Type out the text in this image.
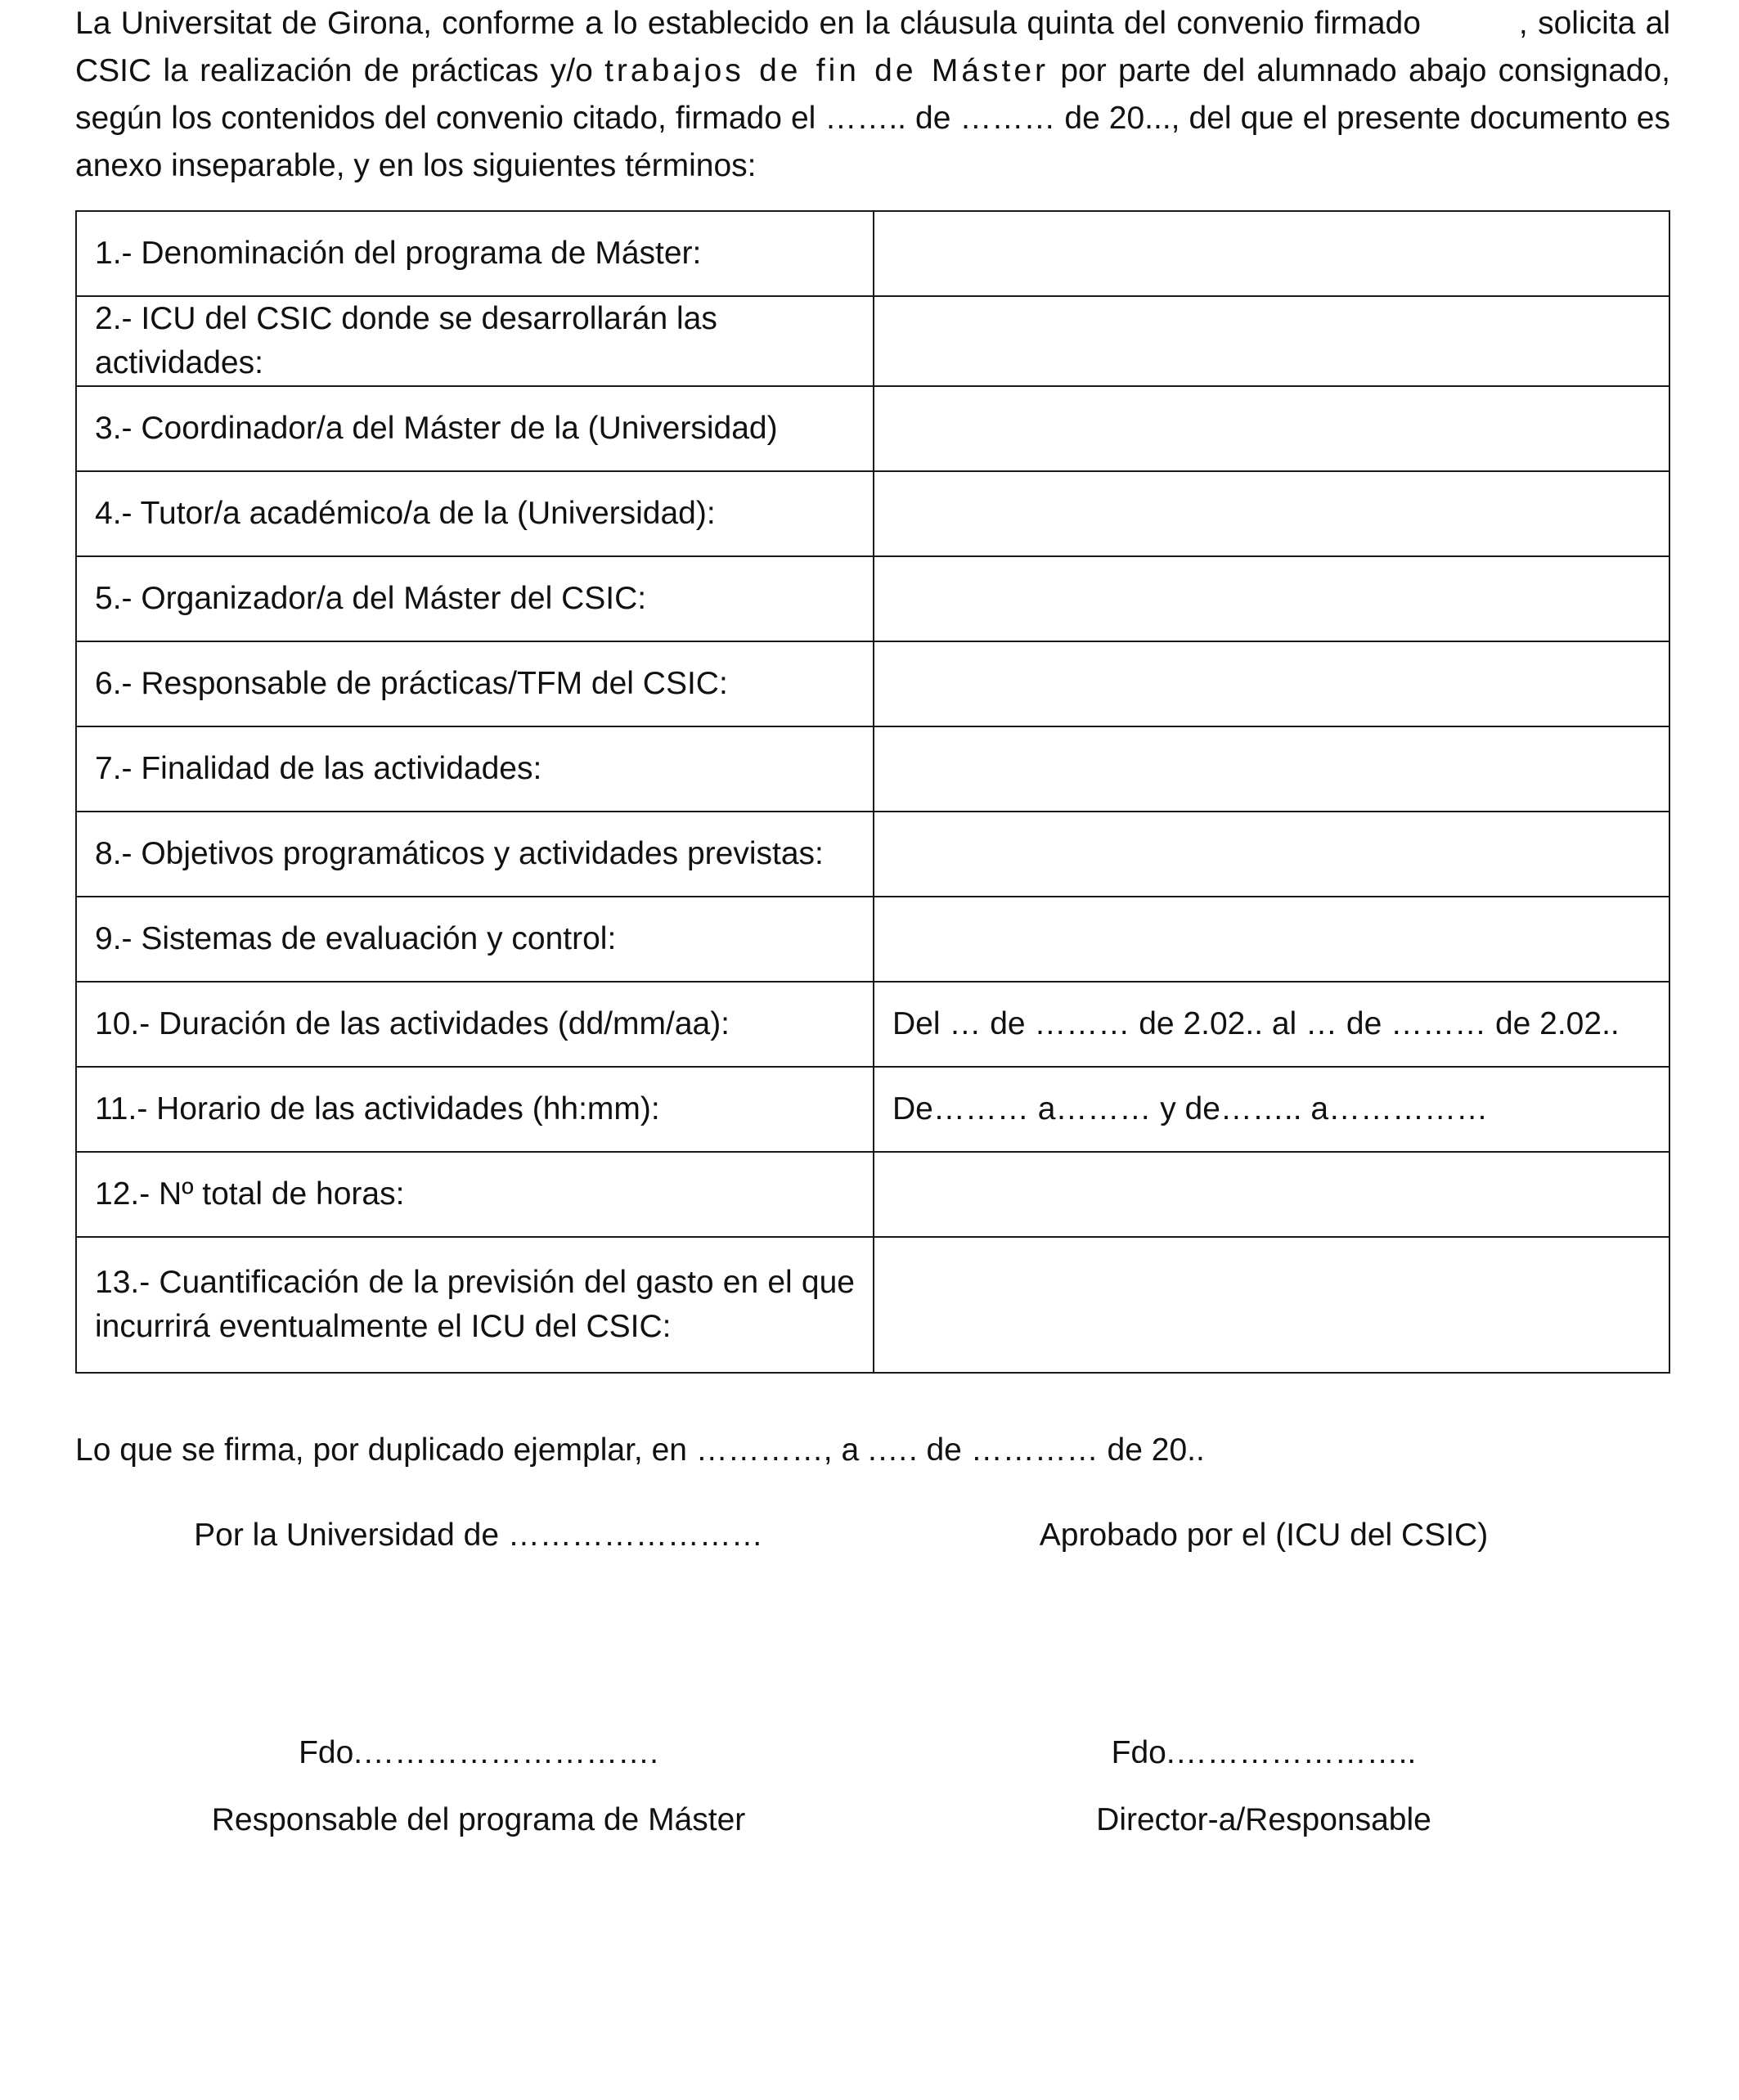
La Universitat de Girona, conforme a lo establecido en la cláusula quinta del convenio firmado	, solicita al CSIC la realización de prácticas y/o trabajos de fin de Máster por parte del alumnado abajo consignado, según los contenidos del convenio citado, firmado el …….. de ……… de 20..., del que el presente documento es anexo inseparable, y en los siguientes términos:

1.- Denominación del programa de Máster:	
2.- ICU del CSIC donde se desarrollarán las actividades:	
3.- Coordinador/a del Máster de la (Universidad)	
4.- Tutor/a académico/a de la (Universidad):	
5.- Organizador/a del Máster del CSIC:	
6.- Responsable de prácticas/TFM del CSIC:	
7.- Finalidad de las actividades:	
8.- Objetivos programáticos y actividades previstas:	
9.- Sistemas de evaluación y control:	
10.- Duración de las actividades (dd/mm/aa):	Del … de ……… de 2.02.. al … de ……… de 2.02..
11.- Horario de las actividades (hh:mm):	De……… a……… y de…….. a……………
12.- Nº total de horas:	
13.- Cuantificación de la previsión del gasto en el que incurrirá eventualmente el ICU del CSIC:	

Lo que se firma, por duplicado ejemplar, en …………, a .…. de ………… de 20..

Por la Universidad de ……………………	Aprobado por el (ICU del CSIC)

Fdo.……………………….	Fdo.…………………..

Responsable del programa de Máster	Director-a/Responsable
